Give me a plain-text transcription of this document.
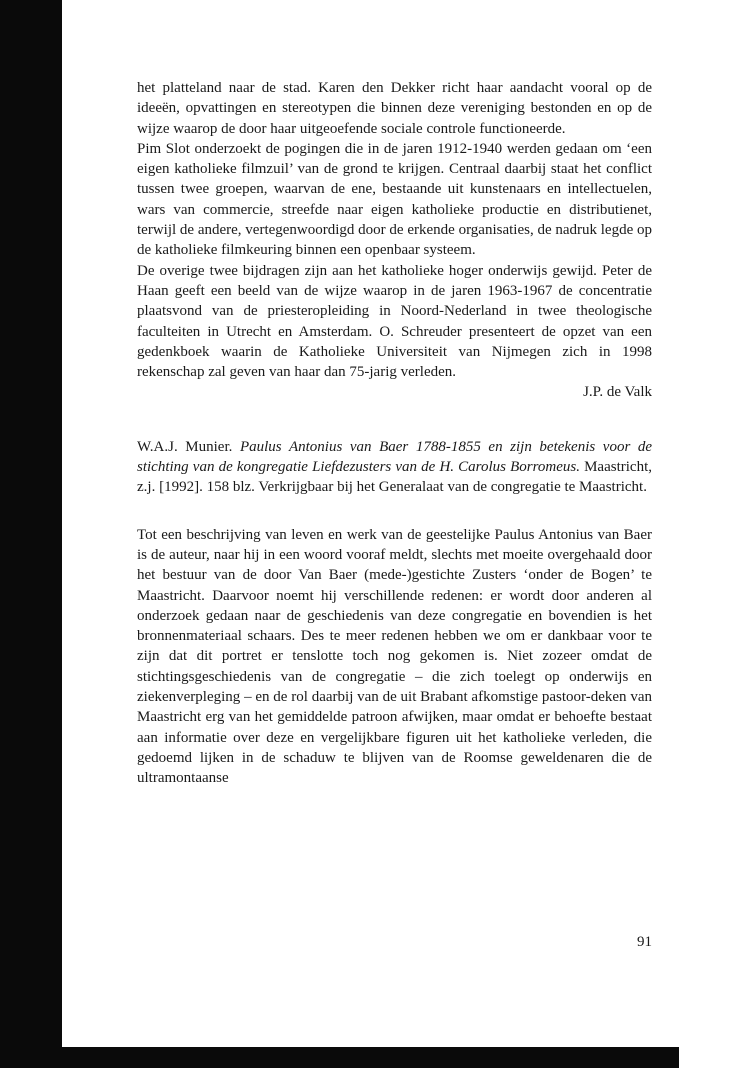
het platteland naar de stad. Karen den Dekker richt haar aandacht vooral op de ideeën, opvattingen en stereotypen die binnen deze vereniging bestonden en op de wijze waarop de door haar uitgeoefende sociale controle functioneerde.

Pim Slot onderzoekt de pogingen die in de jaren 1912-1940 werden gedaan om ‘een eigen katholieke filmzuil’ van de grond te krijgen. Centraal daarbij staat het conflict tussen twee groepen, waarvan de ene, bestaande uit kunstenaars en intellectuelen, wars van commercie, streefde naar eigen katholieke productie en distributienet, terwijl de andere, vertegenwoordigd door de erkende organisaties, de nadruk legde op de katholieke filmkeuring binnen een openbaar systeem.

De overige twee bijdragen zijn aan het katholieke hoger onderwijs gewijd. Peter de Haan geeft een beeld van de wijze waarop in de jaren 1963-1967 de concentratie plaatsvond van de priesteropleiding in Noord-Nederland in twee theologische faculteiten in Utrecht en Amsterdam. O. Schreuder presenteert de opzet van een gedenkboek waarin de Katholieke Universiteit van Nijmegen zich in 1998 rekenschap zal geven van haar dan 75-jarig verleden.

J.P. de Valk

W.A.J. Munier. Paulus Antonius van Baer 1788-1855 en zijn betekenis voor de stichting van de kongregatie Liefdezusters van de H. Carolus Borromeus. Maastricht, z.j. [1992]. 158 blz. Verkrijgbaar bij het Generalaat van de congregatie te Maastricht.

Tot een beschrijving van leven en werk van de geestelijke Paulus Antonius van Baer is de auteur, naar hij in een woord vooraf meldt, slechts met moeite overgehaald door het bestuur van de door Van Baer (mede-)gestichte Zusters ‘onder de Bogen’ te Maastricht. Daarvoor noemt hij verschillende redenen: er wordt door anderen al onderzoek gedaan naar de geschiedenis van deze congregatie en bovendien is het bronnenmateriaal schaars. Des te meer redenen hebben we om er dankbaar voor te zijn dat dit portret er tenslotte toch nog gekomen is. Niet zozeer omdat de stichtingsgeschiedenis van de congregatie – die zich toelegt op onderwijs en ziekenverpleging – en de rol daarbij van de uit Brabant afkomstige pastoor-deken van Maastricht erg van het gemiddelde patroon afwijken, maar omdat er behoefte bestaat aan informatie over deze en vergelijkbare figuren uit het katholieke verleden, die gedoemd lijken in de schaduw te blijven van de Roomse geweldenaren die de ultramontaanse

91
